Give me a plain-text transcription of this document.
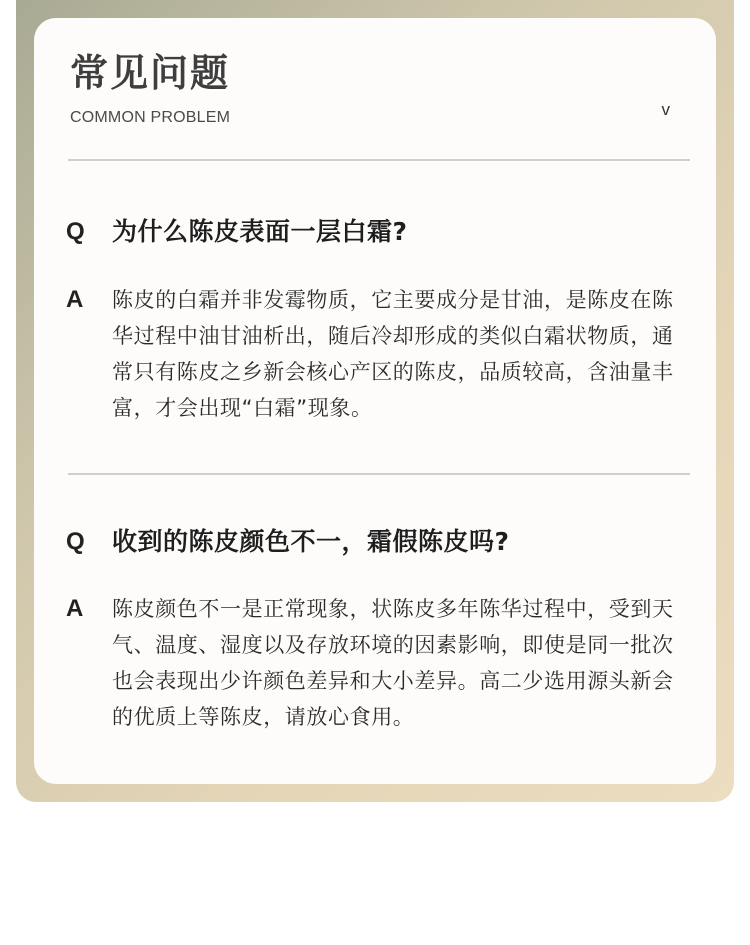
常见问题
COMMON PROBLEM	v
Q 为什么陈皮表面一层白霜?
A 陈皮的白霜并非发霉物质，它主要成分是甘油，是陈皮在陈华过程中油甘油析出，随后冷却形成的类似白霜状物质，通常只有陈皮之乡新会核心产区的陈皮，品质较高，含油量丰富，才会出现“白霜”现象。
Q 收到的陈皮颜色不一，霜假陈皮吗?
A 陈皮颜色不一是正常现象，状陈皮多年陈华过程中，受到天气、温度、湿度以及存放环境的因素影响，即使是同一批次也会表现出少许颜色差异和大小差异。高二少选用源头新会的优质上等陈皮，请放心食用。
